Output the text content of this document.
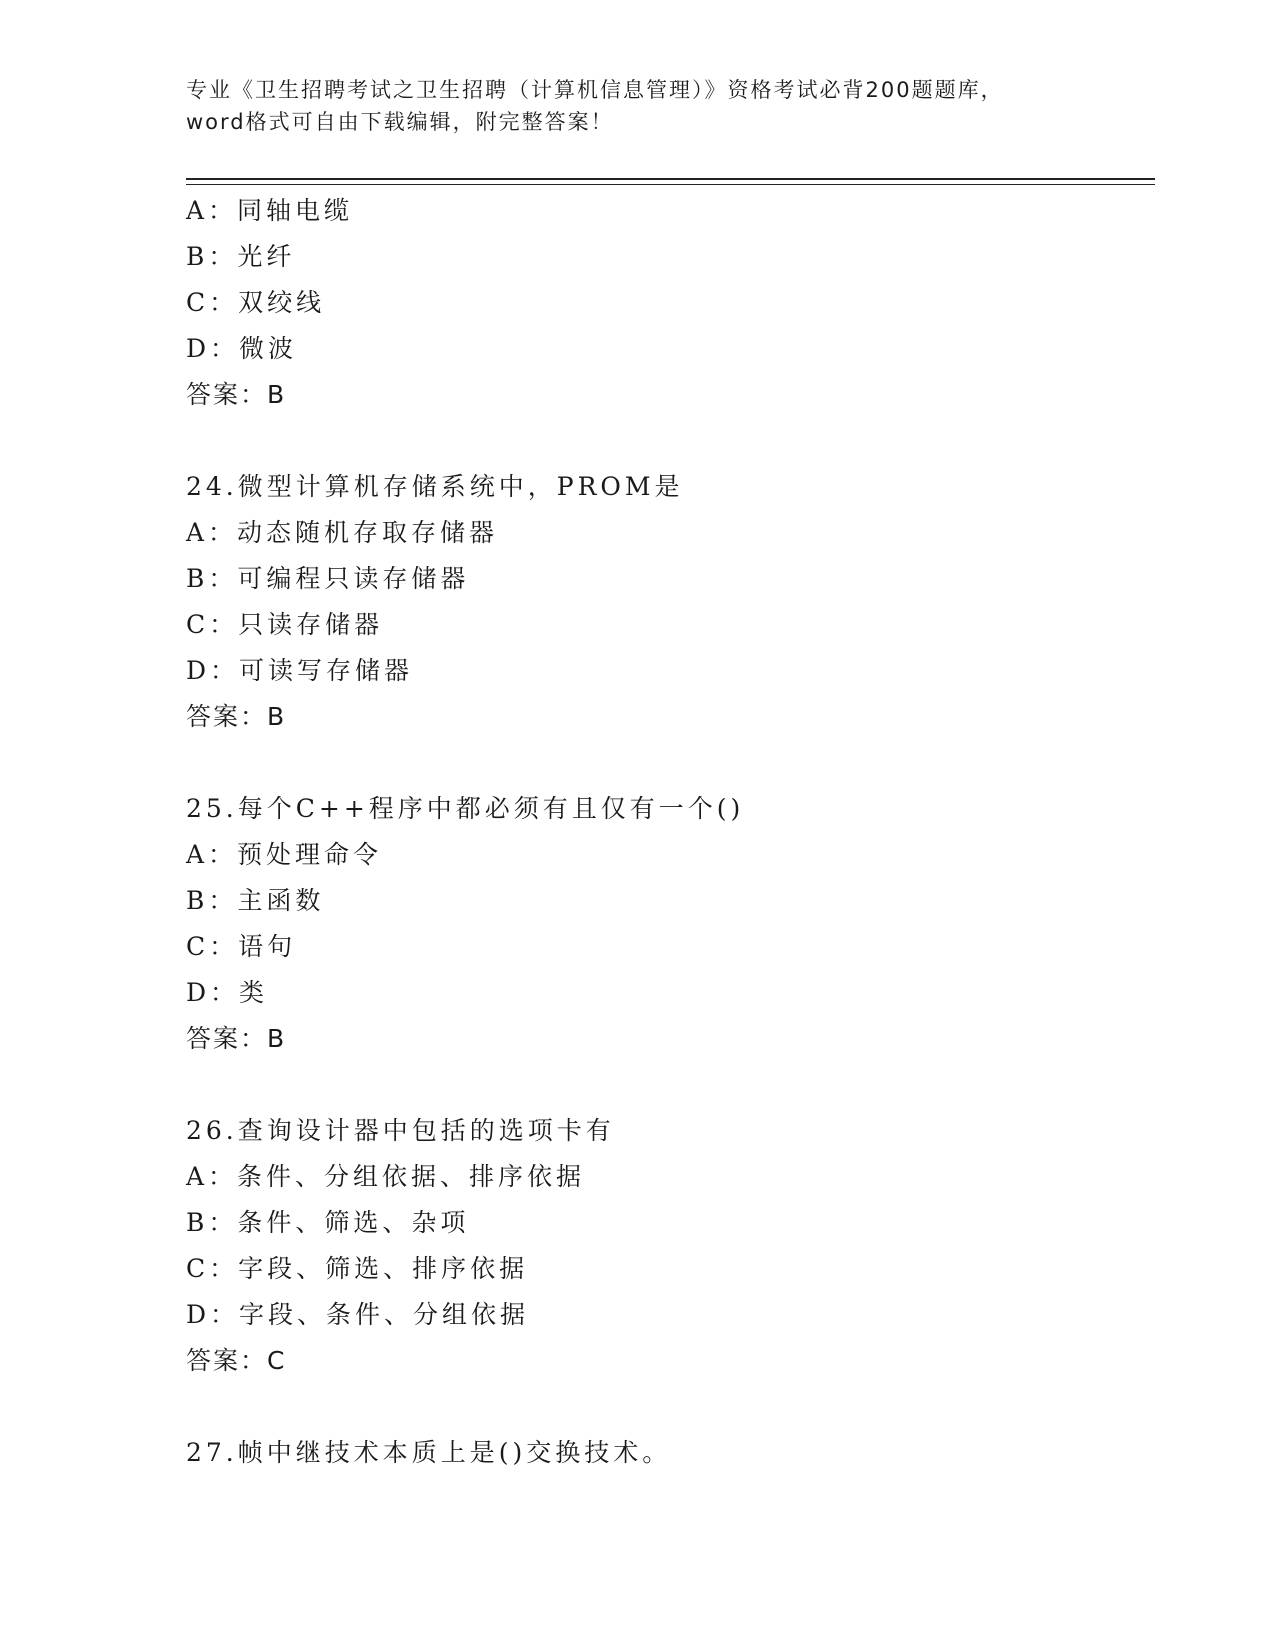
专业《卫生招聘考试之卫生招聘（计算机信息管理）》资格考试必背200题题库，
word格式可自由下载编辑，附完整答案！
A：同轴电缆
B：光纤
C：双绞线
D：微波
答案：B
24.微型计算机存储系统中，PROM是
A：动态随机存取存储器
B：可编程只读存储器
C：只读存储器
D：可读写存储器
答案：B
25.每个C++程序中都必须有且仅有一个()
A：预处理命令
B：主函数
C：语句
D：类
答案：B
26.查询设计器中包括的选项卡有
A：条件、分组依据、排序依据
B：条件、筛选、杂项
C：字段、筛选、排序依据
D：字段、条件、分组依据
答案：C
27.帧中继技术本质上是()交换技术。
